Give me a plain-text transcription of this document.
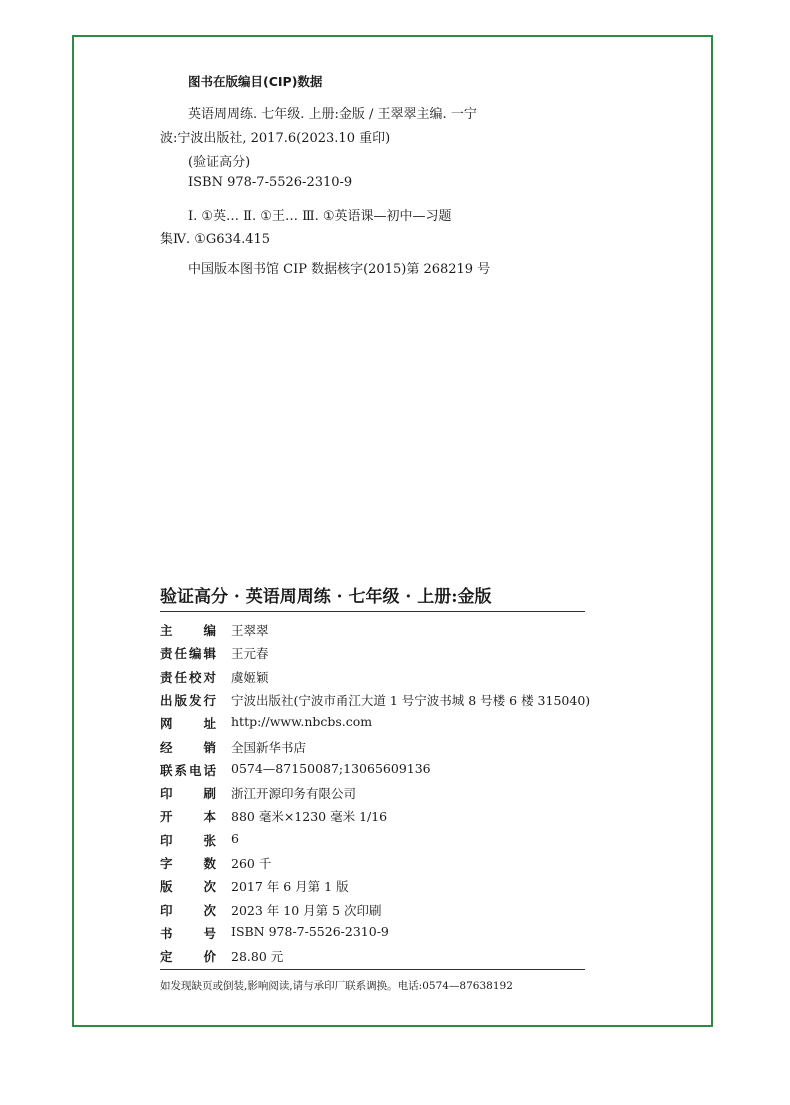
图书在版编目(CIP)数据
英语周周练. 七年级. 上册:金版 / 王翠翠主编. 一宁
波:宁波出版社, 2017.6(2023.10 重印)
(验证高分)
ISBN 978-7-5526-2310-9
Ⅰ. ①英… Ⅱ. ①王… Ⅲ. ①英语课—初中—习题
集Ⅳ. ①G634.415
中国版本图书馆 CIP 数据核字(2015)第 268219 号
验证高分 · 英语周周练 · 七年级 · 上册:金版
主 编 王翠翠
责 任 编 辑 王元春
责 任 校 对 虞姬颖
出 版 发 行 宁波出版社(宁波市甬江大道 1 号宁波书城 8 号楼 6 楼 315040)
网 址 http://www.nbcbs.com
经 销 全国新华书店
联 系 电 话 0574—87150087;13065609136
印 刷 浙江开源印务有限公司
开 本 880 毫米×1230 毫米 1/16
印 张 6
字 数 260 千
版 次 2017 年 6 月第 1 版
印 次 2023 年 10 月第 5 次印刷
书 号 ISBN 978-7-5526-2310-9
定 价 28.80 元
如发现缺页或倒装,影响阅读,请与承印厂联系调换。电话:0574—87638192
